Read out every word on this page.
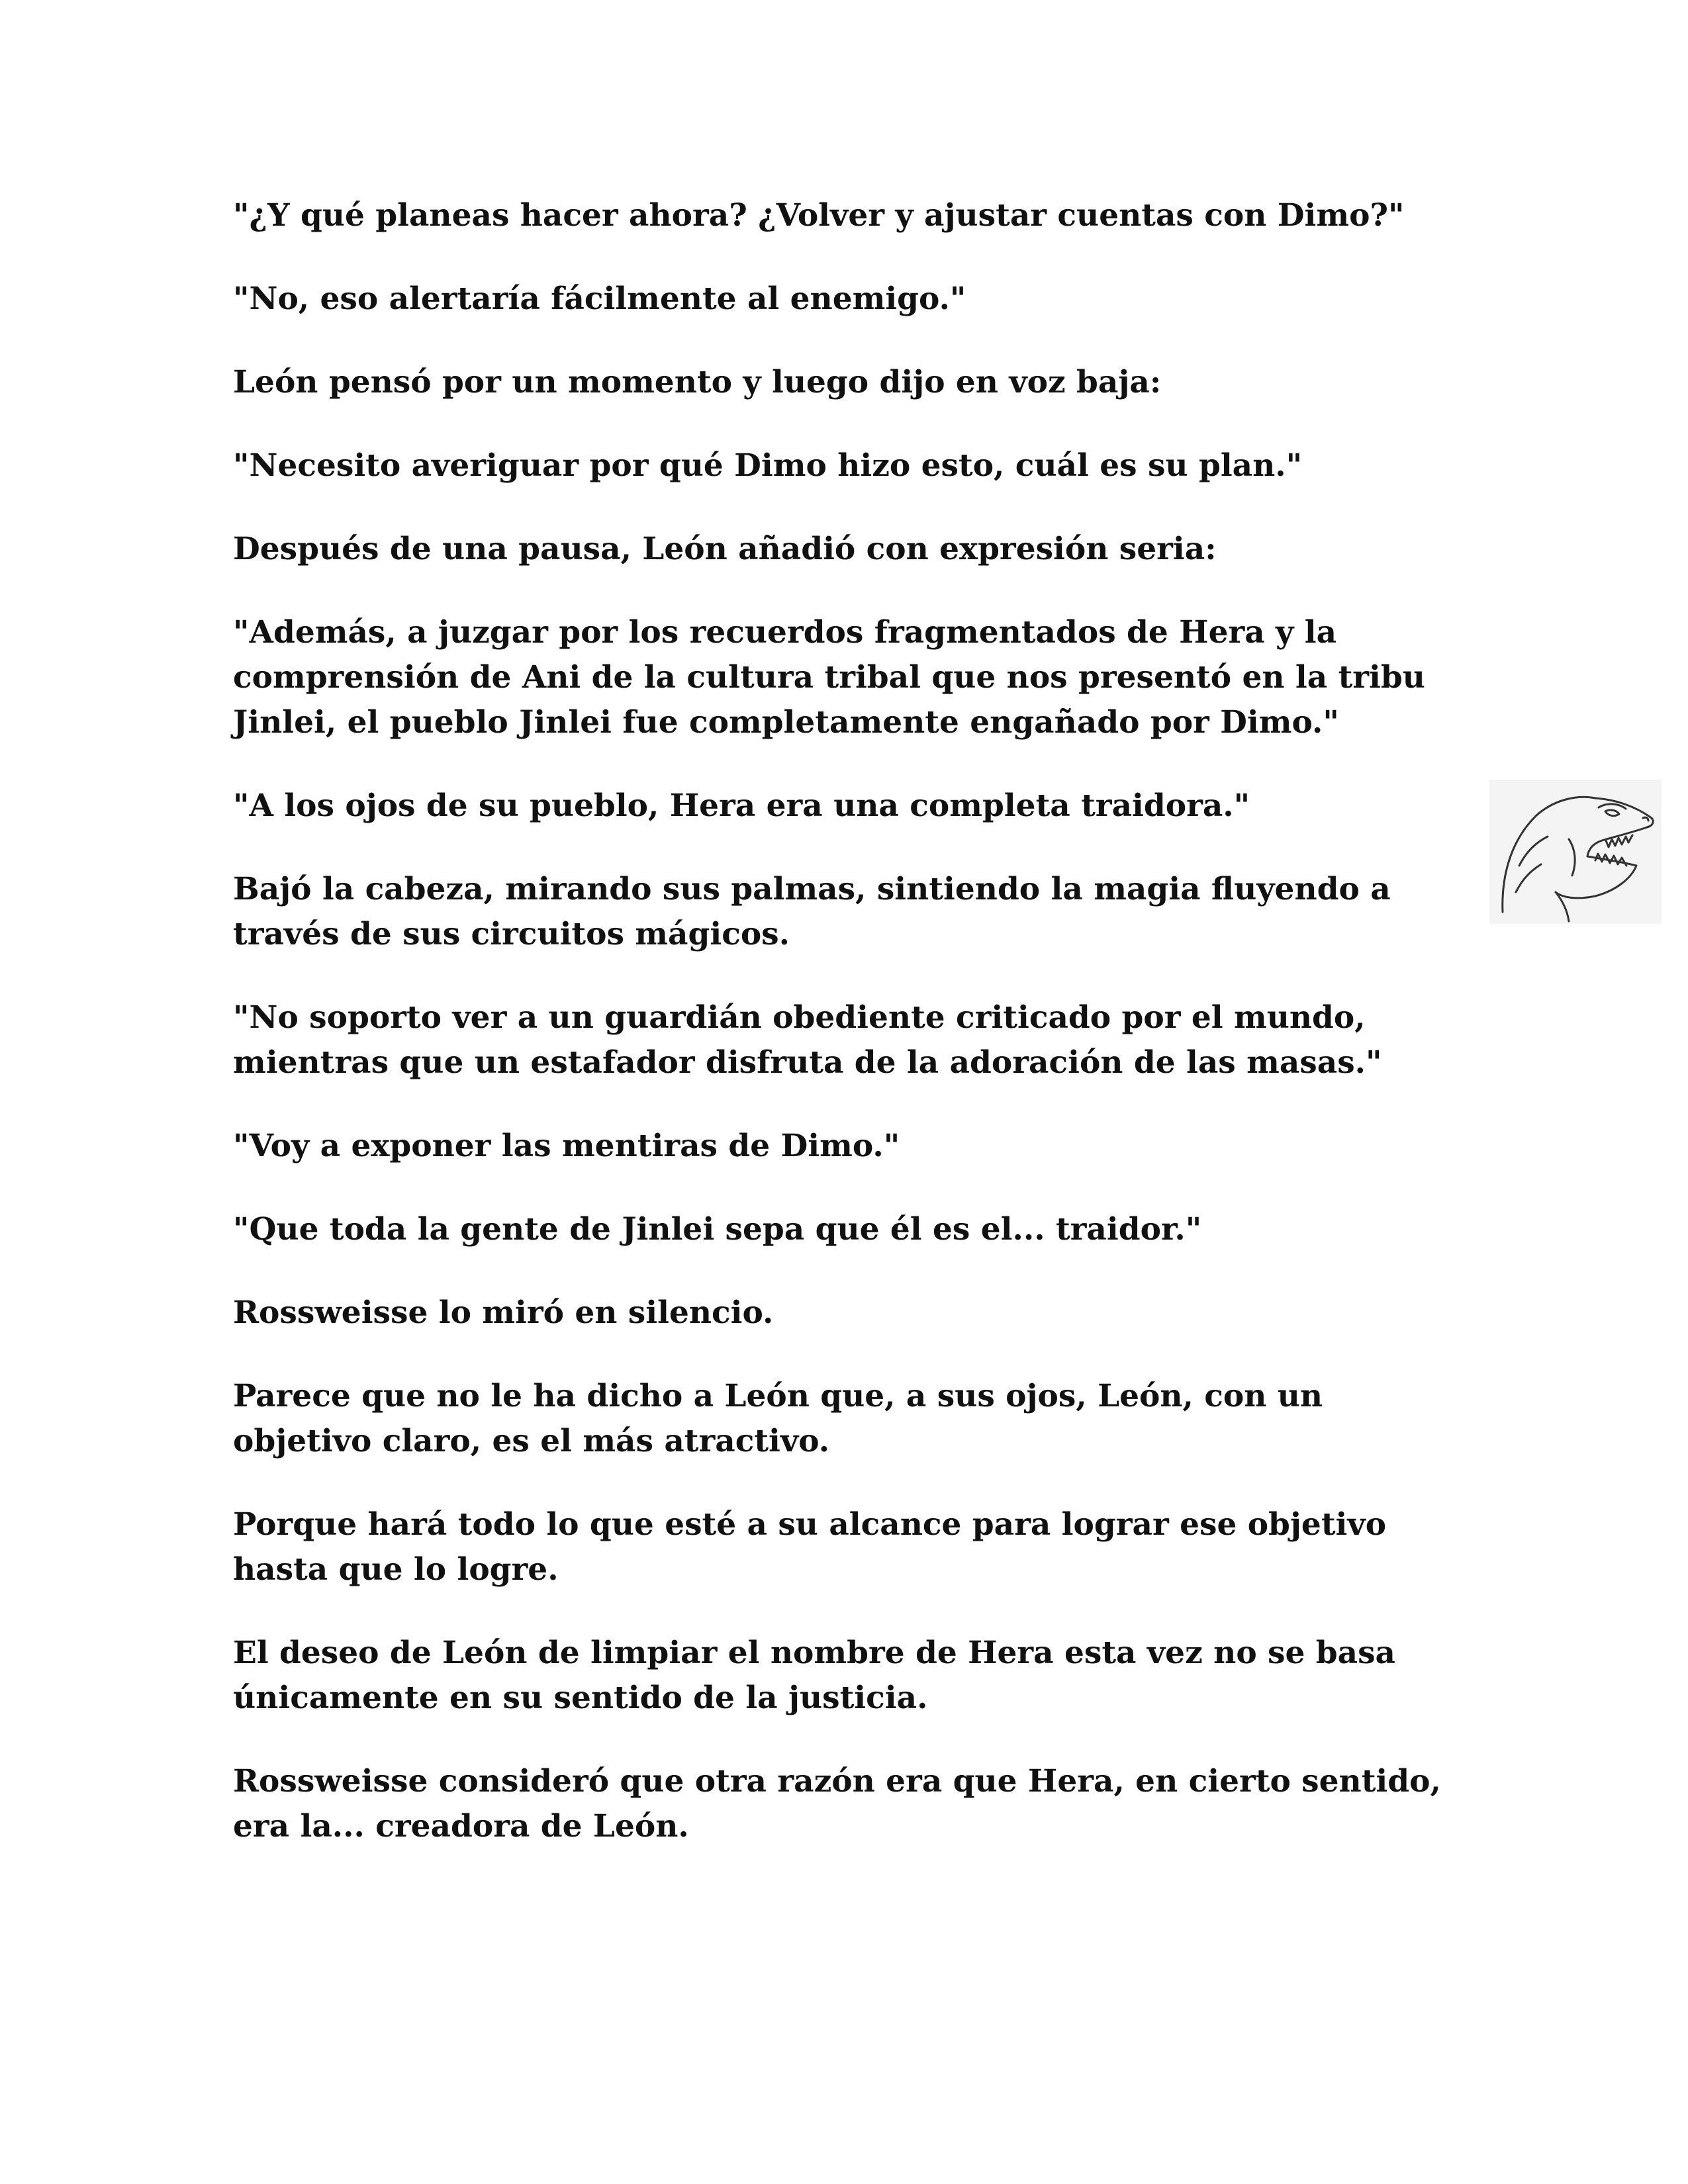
"¿Y qué planeas hacer ahora? ¿Volver y ajustar cuentas con Dimo?"

"No, eso alertaría fácilmente al enemigo."

León pensó por un momento y luego dijo en voz baja:

"Necesito averiguar por qué Dimo hizo esto, cuál es su plan."

Después de una pausa, León añadió con expresión seria:

"Además, a juzgar por los recuerdos fragmentados de Hera y la comprensión de Ani de la cultura tribal que nos presentó en la tribu Jinlei, el pueblo Jinlei fue completamente engañado por Dimo."

"A los ojos de su pueblo, Hera era una completa traidora."

Bajó la cabeza, mirando sus palmas, sintiendo la magia fluyendo a través de sus circuitos mágicos.

"No soporto ver a un guardián obediente criticado por el mundo, mientras que un estafador disfruta de la adoración de las masas."

"Voy a exponer las mentiras de Dimo."

"Que toda la gente de Jinlei sepa que él es el... traidor."

Rossweisse lo miró en silencio.

Parece que no le ha dicho a León que, a sus ojos, León, con un objetivo claro, es el más atractivo.

Porque hará todo lo que esté a su alcance para lograr ese objetivo hasta que lo logre.

El deseo de León de limpiar el nombre de Hera esta vez no se basa únicamente en su sentido de la justicia.

Rossweisse consideró que otra razón era que Hera, en cierto sentido, era la... creadora de León.
